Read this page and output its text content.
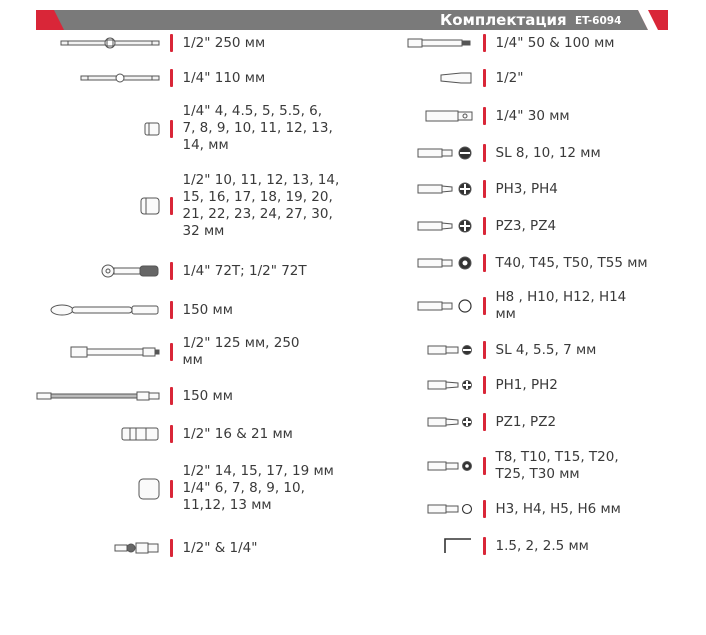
Комплектация ET-6094
1/2" 250 мм
1/4" 110 мм
1/4" 4, 4.5, 5, 5.5, 6,
7, 8, 9, 10, 11, 12, 13,
14, мм
1/2" 10, 11, 12, 13, 14,
15, 16, 17, 18, 19, 20,
21, 22, 23, 24, 27, 30,
32 мм
1/4" 72T; 1/2" 72T
150 мм
1/2" 125 мм, 250
мм
150 мм
1/2" 16 & 21 мм
1/2" 14, 15, 17, 19 мм
1/4" 6, 7, 8, 9, 10,
11,12, 13 мм
1/2" & 1/4"
1/4" 50 & 100 мм
1/2"
1/4" 30 мм
SL 8, 10, 12 мм
PH3, PH4
PZ3, PZ4
T40, T45, T50, T55 мм
H8 , H10, H12, H14
мм
SL 4, 5.5, 7 мм
PH1, PH2
PZ1, PZ2
T8, T10, T15, T20,
T25, T30 мм
H3, H4, H5, H6 мм
1.5, 2, 2.5 мм
